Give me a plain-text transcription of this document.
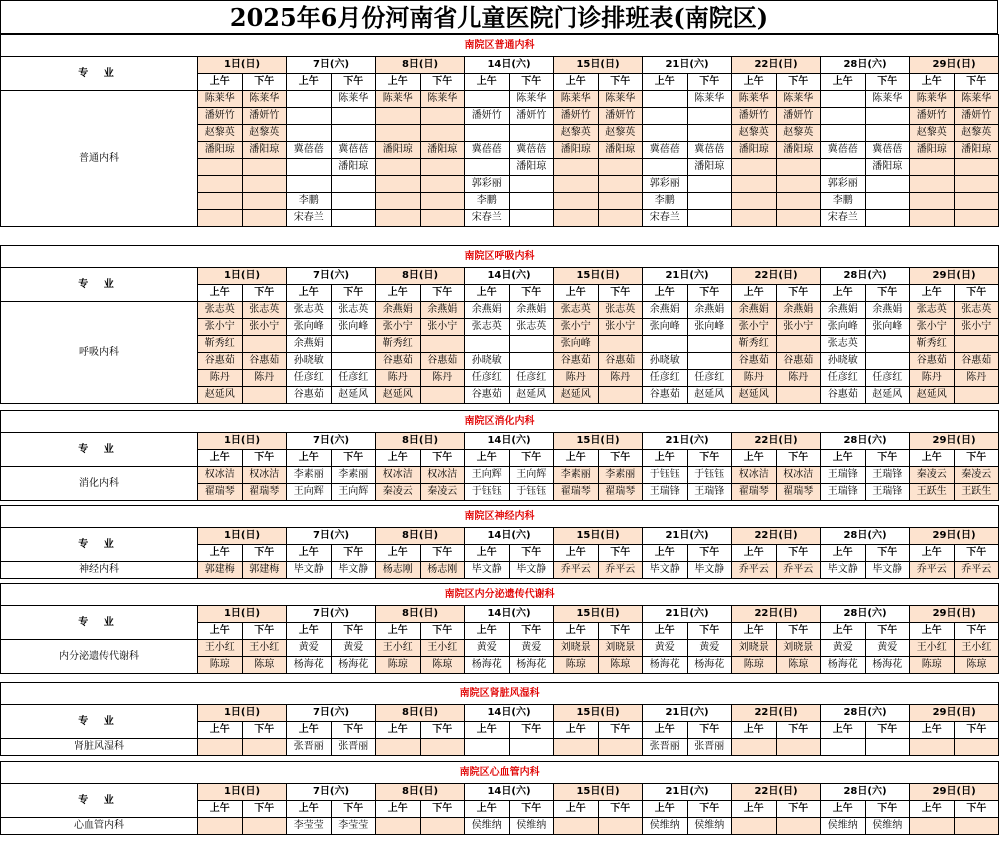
2025年6月份河南省儿童医院门诊排班表(南院区)
南院区普通内科																		
专 业	1日(日)		7日(六)		8日(日)		14日(六)		15日(日)		21日(六)		22日(日)		28日(六)		29日(日)	
	上午	下午	上午	下午	上午	下午	上午	下午	上午	下午	上午	下午	上午	下午	上午	下午	上午	下午
普通内科	陈莱华	陈莱华		陈莱华	陈莱华	陈莱华		陈莱华	陈莱华	陈莱华		陈莱华	陈莱华	陈莱华		陈莱华	陈莱华	陈莱华
	潘妍竹	潘妍竹					潘妍竹	潘妍竹	潘妍竹	潘妍竹			潘妍竹	潘妍竹			潘妍竹	潘妍竹
	赵黎英	赵黎英							赵黎英	赵黎英			赵黎英	赵黎英			赵黎英	赵黎英
	潘阳琼	潘阳琼	冀蓓蓓	冀蓓蓓	潘阳琼	潘阳琼	冀蓓蓓	冀蓓蓓	潘阳琼	潘阳琼	冀蓓蓓	冀蓓蓓	潘阳琼	潘阳琼	冀蓓蓓	冀蓓蓓	潘阳琼	潘阳琼
				潘阳琼				潘阳琼				潘阳琼				潘阳琼		
							郭彩丽				郭彩丽				郭彩丽			
			李鹏				李鹏				李鹏				李鹏			
			宋春兰				宋春兰				宋春兰				宋春兰			
南院区呼吸内科																		
专 业	1日(日)		7日(六)		8日(日)		14日(六)		15日(日)		21日(六)		22日(日)		28日(六)		29日(日)	
	上午	下午	上午	下午	上午	下午	上午	下午	上午	下午	上午	下午	上午	下午	上午	下午	上午	下午
呼吸内科	张志英	张志英	张志英	张志英	余燕娟	余燕娟	余燕娟	余燕娟	张志英	张志英	余燕娟	余燕娟	余燕娟	余燕娟	余燕娟	余燕娟	张志英	张志英
	张小宁	张小宁	张向峰	张向峰	张小宁	张小宁	张志英	张志英	张小宁	张小宁	张向峰	张向峰	张小宁	张小宁	张向峰	张向峰	张小宁	张小宁
	靳秀红		余燕娟		靳秀红				张向峰				靳秀红		张志英		靳秀红	
	谷惠茹	谷惠茹	孙晓敏		谷惠茹	谷惠茹	孙晓敏		谷惠茹	谷惠茹	孙晓敏		谷惠茹	谷惠茹	孙晓敏		谷惠茹	谷惠茹
	陈丹	陈丹	任彦红	任彦红	陈丹	陈丹	任彦红	任彦红	陈丹	陈丹	任彦红	任彦红	陈丹	陈丹	任彦红	任彦红	陈丹	陈丹
	赵延风		谷惠茹	赵延风	赵延风		谷惠茹	赵延风	赵延风		谷惠茹	赵延风	赵延风		谷惠茹	赵延风	赵延风	
南院区消化内科																		
专 业	1日(日)		7日(六)		8日(日)		14日(六)		15日(日)		21日(六)		22日(日)		28日(六)		29日(日)	
	上午	下午	上午	下午	上午	下午	上午	下午	上午	下午	上午	下午	上午	下午	上午	下午	上午	下午
消化内科	权冰洁	权冰洁	李素丽	李素丽	权冰洁	权冰洁	王向辉	王向辉	李素丽	李素丽	于钰钰	于钰钰	权冰洁	权冰洁	王瑞锋	王瑞锋	秦凌云	秦凌云
	翟瑞琴	翟瑞琴	王向辉	王向辉	秦凌云	秦凌云	于钰钰	于钰钰	翟瑞琴	翟瑞琴	王瑞锋	王瑞锋	翟瑞琴	翟瑞琴	王瑞锋	王瑞锋	王跃生	王跃生
南院区神经内科																		
专 业	1日(日)		7日(六)		8日(日)		14日(六)		15日(日)		21日(六)		22日(日)		28日(六)		29日(日)	
	上午	下午	上午	下午	上午	下午	上午	下午	上午	下午	上午	下午	上午	下午	上午	下午	上午	下午
神经内科	郭建梅	郭建梅	毕文静	毕文静	杨志刚	杨志刚	毕文静	毕文静	乔平云	乔平云	毕文静	毕文静	乔平云	乔平云	毕文静	毕文静	乔平云	乔平云
南院区内分泌遗传代谢科																		
专 业	1日(日)		7日(六)		8日(日)		14日(六)		15日(日)		21日(六)		22日(日)		28日(六)		29日(日)	
	上午	下午	上午	下午	上午	下午	上午	下午	上午	下午	上午	下午	上午	下午	上午	下午	上午	下午
内分泌遗传代谢科	王小红	王小红	黄爱	黄爱	王小红	王小红	黄爱	黄爱	刘晓景	刘晓景	黄爱	黄爱	刘晓景	刘晓景	黄爱	黄爱	王小红	王小红
	陈琼	陈琼	杨海花	杨海花	陈琼	陈琼	杨海花	杨海花	陈琼	陈琼	杨海花	杨海花	陈琼	陈琼	杨海花	杨海花	陈琼	陈琼
南院区肾脏风湿科																		
专 业	1日(日)		7日(六)		8日(日)		14日(六)		15日(日)		21日(六)		22日(日)		28日(六)		29日(日)	
	上午	下午	上午	下午	上午	下午	上午	下午	上午	下午	上午	下午	上午	下午	上午	下午	上午	下午
肾脏风湿科			张晋丽	张晋丽							张晋丽	张晋丽						
南院区心血管内科																		
专 业	1日(日)		7日(六)		8日(日)		14日(六)		15日(日)		21日(六)		22日(日)		28日(六)		29日(日)	
	上午	下午	上午	下午	上午	下午	上午	下午	上午	下午	上午	下午	上午	下午	上午	下午	上午	下午
心血管内科			李莹莹	李莹莹			侯维纳	侯维纳			侯维纳	侯维纳			侯维纳	侯维纳		
